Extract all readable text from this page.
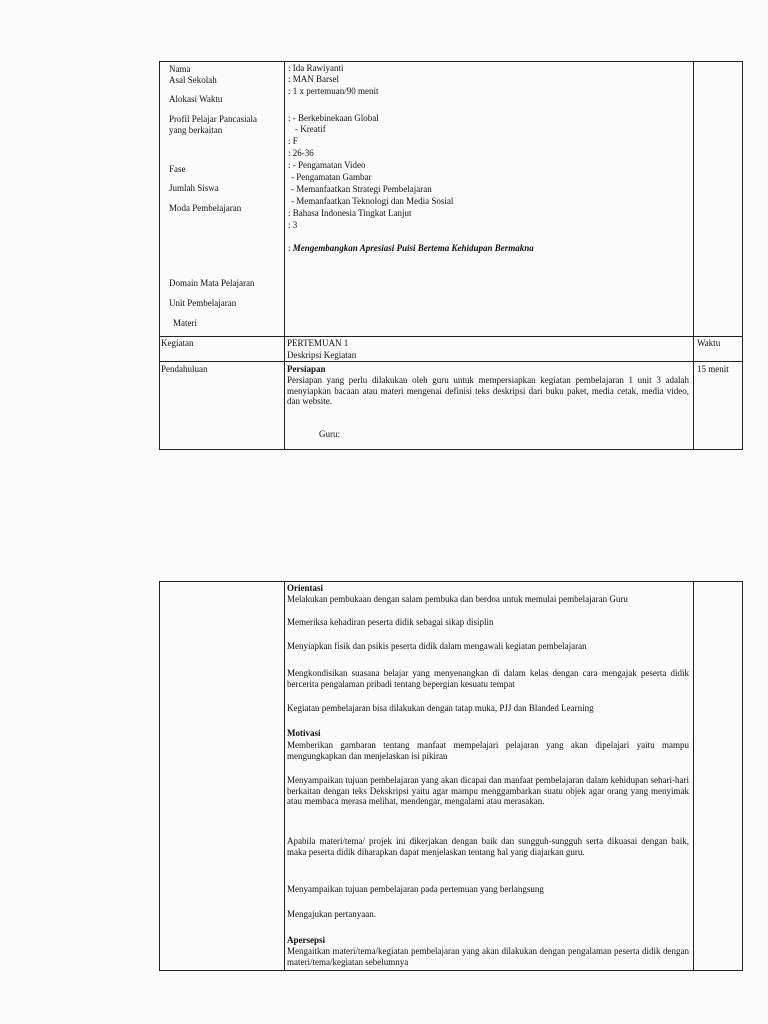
Nama
Asal Sekolah
Alokasi Waktu
Profil Pelajar Pancasiala
yang berkaitan
Fase
Jumlah Siswa
Moda Pembelajaran
Domain Mata Pelajaran
Unit Pembelajaran
Materi
: Ida Rawiyanti
: MAN Barsel
: 1 x pertemuan/90 menit
: - Berkebinekaan Global
- Kreatif
: F
: 26-36
: - Pengamatan Video
- Pengamatan Gambar
- Memanfaatkan Strategi Pembelajaran
- Memanfaatkan Teknologi dan Media Sosial
: Bahasa Indonesia Tingkat Lanjut
: 3
: Mengembangkan Apresiasi Puisi Bertema Kehidupan Bermakna
Kegiatan	PERTEMUAN 1
Deskripsi Kegiatan
Waktu
Pendahuluan	Persiapan
Persiapan yang perlu dilakukan oleh guru untuk mempersiapkan kegiatan pembelajaran 1 unit 3 adalah menyiapkan bacaan atau materi mengenai definisi teks deskripsi dari buku paket, media cetak, media video, dan website.
Guru:
15 menit
Orientasi
Melakukan pembukaan dengan salam pembuka dan berdoa untuk memulai pembelajaran Guru
Memeriksa kehadiran peserta didik sebagai sikap disiplin
Menyiapkan fisik dan psikis peserta didik dalam mengawali kegiatan pembelajaran
Mengkondisikan suasana belajar yang menyenangkan di dalam kelas dengan cara mengajak peserta didik bercerita pengalaman pribadi tentang bepergian kesuatu tempat
Kegiatan pembelajaran bisa dilakukan dengan tatap muka, PJJ dan Blanded Learning
Motivasi
Memberikan gambaran tentang manfaat mempelajari pelajaran yang akan dipelajari yaitu mampu mengungkapkan dan menjelaskan isi pikiran
Menyampaikan tujuan pembelajaran yang akan dicapai dan manfaat pembelajaran dalam kehidupan sehari-hari berkaitan dengan teks Dekskripsi yaitu agar mampu menggambarkan suatu objek agar orang yang menyimak atau membaca merasa melihat, mendengar, mengalami atau merasakan.
Apabila materi/tema/ projek ini dikerjakan dengan baik dan sungguh-sungguh serta dikuasai dengan baik, maka peserta didik diharapkan dapat menjelaskan tentang hal yang diajarkan guru.
Menyampaikan tujuan pembelajaran pada pertemuan yang berlangsung
Mengajukan pertanyaan.
Apersepsi
Mengaitkan materi/tema/kegiatan pembelajaran yang akan dilakukan dengan pengalaman peserta didik dengan materi/tema/kegiatan sebelumnya
